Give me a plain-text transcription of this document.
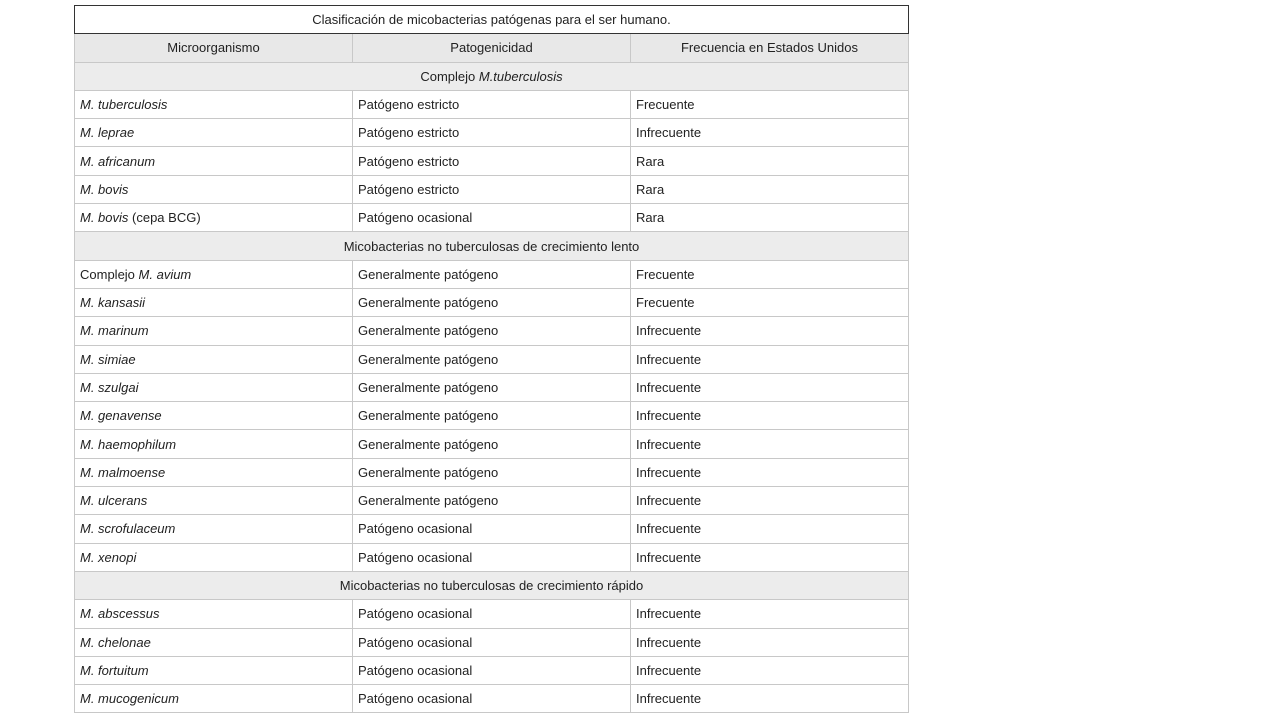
Clasificación de micobacterias patógenas para el ser humano.		
Microorganismo	Patogenicidad	Frecuencia en Estados Unidos
Complejo M.tuberculosis		
M. tuberculosis	Patógeno estricto	Frecuente
M. leprae	Patógeno estricto	Infrecuente
M. africanum	Patógeno estricto	Rara
M. bovis	Patógeno estricto	Rara
M. bovis (cepa BCG)	Patógeno ocasional	Rara
Micobacterias no tuberculosas de crecimiento lento		
Complejo M. avium	Generalmente patógeno	Frecuente
M. kansasii	Generalmente patógeno	Frecuente
M. marinum	Generalmente patógeno	Infrecuente
M. simiae	Generalmente patógeno	Infrecuente
M. szulgai	Generalmente patógeno	Infrecuente
M. genavense	Generalmente patógeno	Infrecuente
M. haemophilum	Generalmente patógeno	Infrecuente
M. malmoense	Generalmente patógeno	Infrecuente
M. ulcerans	Generalmente patógeno	Infrecuente
M. scrofulaceum	Patógeno ocasional	Infrecuente
M. xenopi	Patógeno ocasional	Infrecuente
Micobacterias no tuberculosas de crecimiento rápido		
M. abscessus	Patógeno ocasional	Infrecuente
M. chelonae	Patógeno ocasional	Infrecuente
M. fortuitum	Patógeno ocasional	Infrecuente
M. mucogenicum	Patógeno ocasional	Infrecuente
